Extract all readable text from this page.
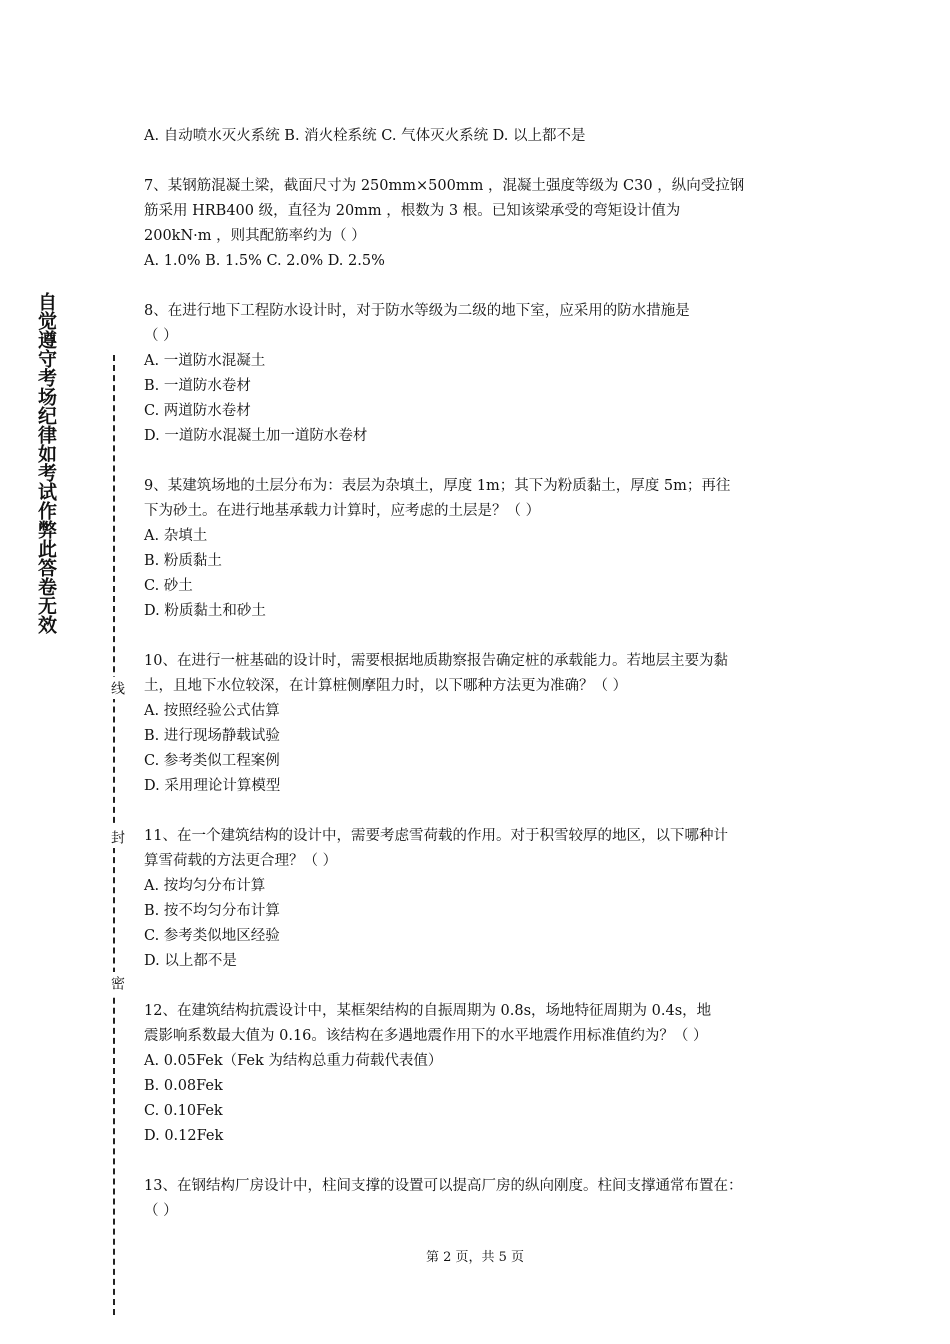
自觉遵守考场纪律如考试作弊此答卷无效
线
封
密
A. 自动喷水灭火系统 B. 消火栓系统 C. 气体灭火系统 D. 以上都不是
7、某钢筋混凝土梁，截面尺寸为 250mm×500mm ，混凝土强度等级为 C30 ，纵向受拉钢
筋采用 HRB400 级，直径为 20mm ，根数为 3 根。已知该梁承受的弯矩设计值为
200kN·m ，则其配筋率约为（ ）
A. 1.0% B. 1.5% C. 2.0% D. 2.5%
8、在进行地下工程防水设计时，对于防水等级为二级的地下室，应采用的防水措施是
（ ）
A. 一道防水混凝土
B. 一道防水卷材
C. 两道防水卷材
D. 一道防水混凝土加一道防水卷材
9、某建筑场地的土层分布为：表层为杂填土，厚度 1m；其下为粉质黏土，厚度 5m；再往
下为砂土。在进行地基承载力计算时，应考虑的土层是？（ ）
A. 杂填土
B. 粉质黏土
C. 砂土
D. 粉质黏土和砂土
10、在进行一桩基础的设计时，需要根据地质勘察报告确定桩的承载能力。若地层主要为黏
土，且地下水位较深，在计算桩侧摩阻力时，以下哪种方法更为准确？（ ）
A. 按照经验公式估算
B. 进行现场静载试验
C. 参考类似工程案例
D. 采用理论计算模型
11、在一个建筑结构的设计中，需要考虑雪荷载的作用。对于积雪较厚的地区，以下哪种计
算雪荷载的方法更合理？（ ）
A. 按均匀分布计算
B. 按不均匀分布计算
C. 参考类似地区经验
D. 以上都不是
12、在建筑结构抗震设计中，某框架结构的自振周期为 0.8s，场地特征周期为 0.4s，地
震影响系数最大值为 0.16。该结构在多遇地震作用下的水平地震作用标准值约为？（ ）
A. 0.05Fek（Fek 为结构总重力荷载代表值）
B. 0.08Fek
C. 0.10Fek
D. 0.12Fek
13、在钢结构厂房设计中，柱间支撑的设置可以提高厂房的纵向刚度。柱间支撑通常布置在：
（ ）
第 2 页，共 5 页
